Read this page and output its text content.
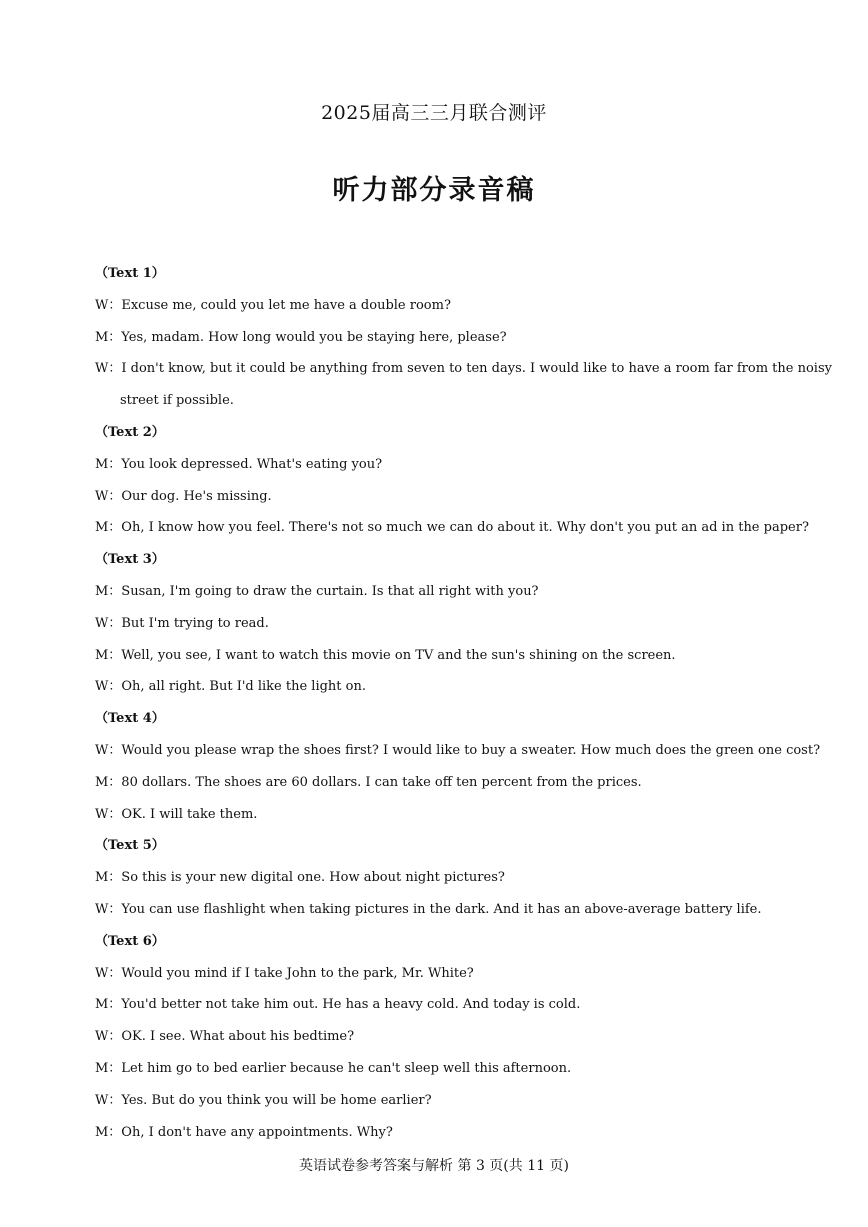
2025届高三三月联合测评
听力部分录音稿
（Text 1）
W：Excuse me, could you let me have a double room?
M：Yes, madam. How long would you be staying here, please?
W：I don't know, but it could be anything from seven to ten days. I would like to have a room far from the noisy
street if possible.
（Text 2）
M：You look depressed. What's eating you?
W：Our dog. He's missing.
M：Oh, I know how you feel. There's not so much we can do about it. Why don't you put an ad in the paper?
（Text 3）
M：Susan, I'm going to draw the curtain. Is that all right with you?
W：But I'm trying to read.
M：Well, you see, I want to watch this movie on TV and the sun's shining on the screen.
W：Oh, all right. But I'd like the light on.
（Text 4）
W：Would you please wrap the shoes first? I would like to buy a sweater. How much does the green one cost?
M：80 dollars. The shoes are 60 dollars. I can take off ten percent from the prices.
W：OK. I will take them.
（Text 5）
M：So this is your new digital one. How about night pictures?
W：You can use flashlight when taking pictures in the dark. And it has an above-average battery life.
（Text 6）
W：Would you mind if I take John to the park, Mr. White?
M：You'd better not take him out. He has a heavy cold. And today is cold.
W：OK. I see. What about his bedtime?
M：Let him go to bed earlier because he can't sleep well this afternoon.
W：Yes. But do you think you will be home earlier?
M：Oh, I don't have any appointments. Why?
英语试卷参考答案与解析 第 3 页(共 11 页)
